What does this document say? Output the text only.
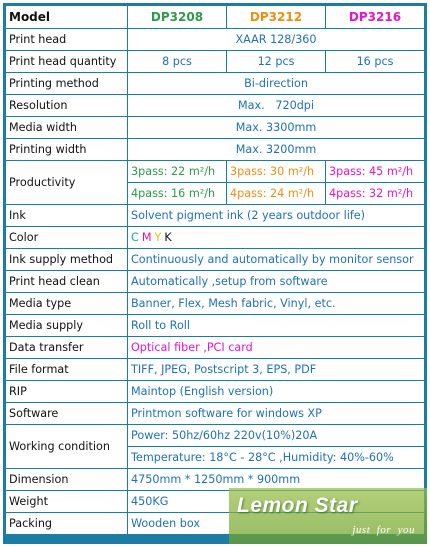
Model	DP3208	DP3212	DP3216
Print head	XAAR 128/360		
Print head quantity	8 pcs	12 pcs	16 pcs
Printing method	Bi-direction		
Resolution	Max.   720dpi		
Media width	Max. 3300mm		
Printing width	Max. 3200mm		
Productivity	3pass: 22 m²/h	3pass: 30 m²/h	3pass: 45 m²/h
	4pass: 16 m²/h	4pass: 24 m²/h	4pass: 32 m²/h
Ink	Solvent pigment ink (2 years outdoor life)		
Color	C M Y K		
Ink supply method	Continuously and automatically by monitor sensor		
Print head clean	Automatically ,setup from software		
Media type	Banner, Flex, Mesh fabric, Vinyl, etc.		
Media supply	Roll to Roll		
Data transfer	Optical fiber ,PCI card		
File format	TIFF, JPEG, Postscript 3, EPS, PDF		
RIP	Maintop (English version)		
Software	Printmon software for windows XP		
Working condition	Power: 50hz/60hz 220v(10%)20A		
	Temperature: 18°C - 28°C ,Humidity: 40%-60%		
Dimension	4750mm * 1250mm * 900mm		
Weight	450KG		
Packing	Wooden box		
Lemon Star
just  for  you
